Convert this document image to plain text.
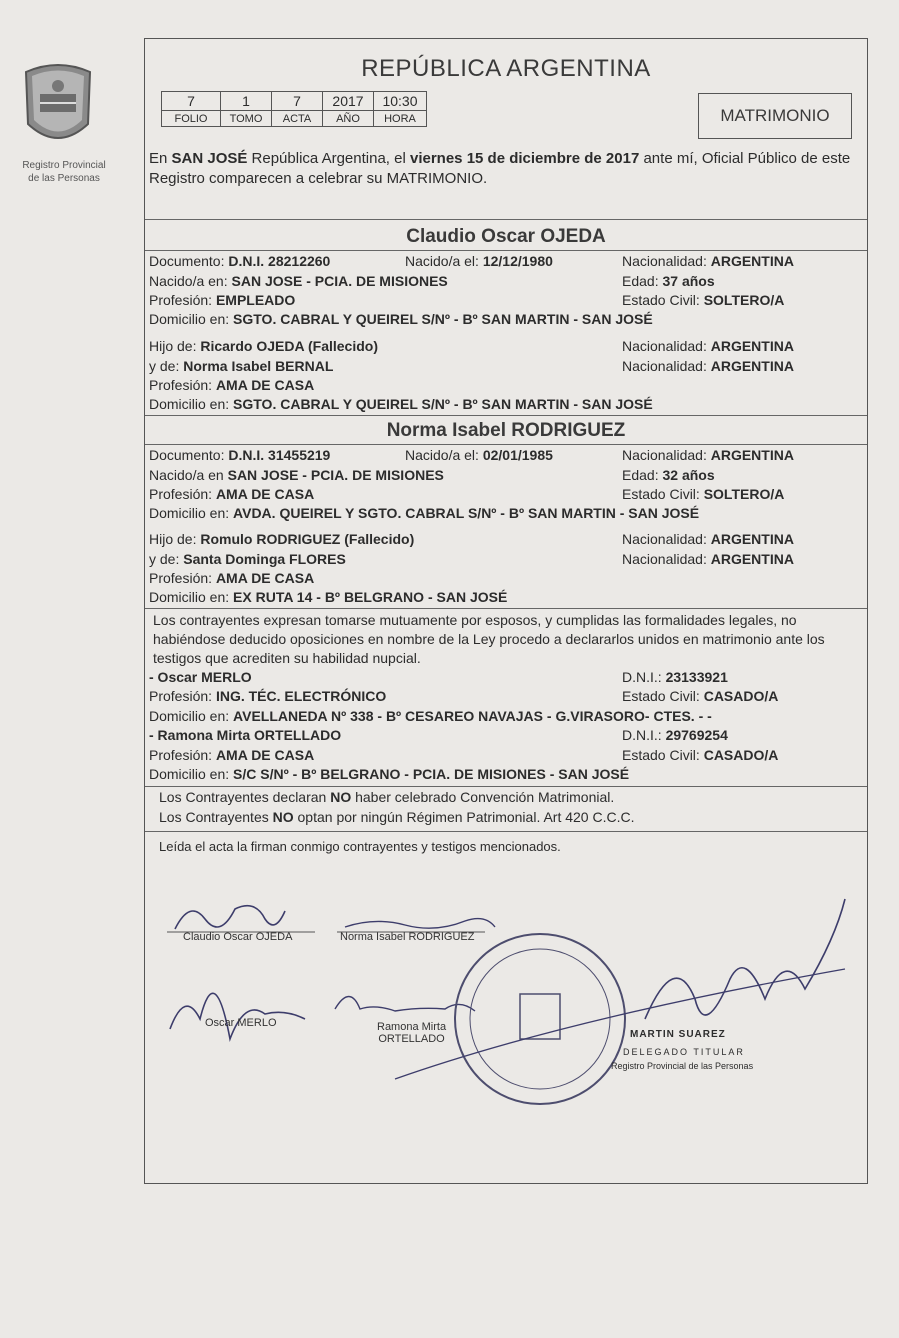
Registro Provincial
de las Personas
REPÚBLICA ARGENTINA
7	1	7	2017	10:30
FOLIO	TOMO	ACTA	AÑO	HORA	MATRIMONIO
En SAN JOSÉ República Argentina, el viernes 15 de diciembre de 2017 ante mí, Oficial Público de este Registro comparecen a celebrar su MATRIMONIO.
Claudio Oscar OJEDA
Documento: D.N.I. 28212260	Nacido/a el: 12/12/1980	Nacionalidad: ARGENTINA
Nacido/a en: SAN JOSE - PCIA. DE MISIONES	Edad: 37 años
Profesión: EMPLEADO	Estado Civil: SOLTERO/A
Domicilio en: SGTO. CABRAL Y QUEIREL S/Nº - Bº SAN MARTIN - SAN JOSÉ
Hijo de: Ricardo OJEDA (Fallecido)	Nacionalidad: ARGENTINA
y de: Norma Isabel BERNAL	Nacionalidad: ARGENTINA
Profesión: AMA DE CASA
Domicilio en: SGTO. CABRAL Y QUEIREL S/Nº - Bº SAN MARTIN - SAN JOSÉ
Norma Isabel RODRIGUEZ
Documento: D.N.I. 31455219	Nacido/a el: 02/01/1985	Nacionalidad: ARGENTINA
Nacido/a en SAN JOSE - PCIA. DE MISIONES	Edad: 32 años
Profesión: AMA DE CASA	Estado Civil: SOLTERO/A
Domicilio en: AVDA. QUEIREL Y SGTO. CABRAL S/Nº - Bº SAN MARTIN - SAN JOSÉ
Hijo de: Romulo RODRIGUEZ (Fallecido)	Nacionalidad: ARGENTINA
y de: Santa Dominga FLORES	Nacionalidad: ARGENTINA
Profesión: AMA DE CASA
Domicilio en: EX RUTA 14 - Bº BELGRANO - SAN JOSÉ
Los contrayentes expresan tomarse mutuamente por esposos, y cumplidas las formalidades legales, no habiéndose deducido oposiciones en nombre de la Ley procedo a declararlos unidos en matrimonio ante los testigos que acrediten su habilidad nupcial.
- Oscar MERLO	D.N.I.: 23133921
Profesión: ING. TÉC. ELECTRÓNICO	Estado Civil: CASADO/A
Domicilio en: AVELLANEDA Nº 338 - Bº CESAREO NAVAJAS - G.VIRASORO- CTES. - -
- Ramona Mirta ORTELLADO	D.N.I.: 29769254
Profesión: AMA DE CASA	Estado Civil: CASADO/A
Domicilio en: S/C S/Nº - Bº BELGRANO - PCIA. DE MISIONES - SAN JOSÉ
Los Contrayentes declaran NO haber celebrado Convención Matrimonial.
Los Contrayentes NO optan por ningún Régimen Patrimonial. Art 420 C.C.C.
Leída el acta la firman conmigo contrayentes y testigos mencionados.
Claudio Oscar OJEDA	Norma Isabel RODRIGUEZ
Oscar MERLO	Ramona Mirta
ORTELLADO	MARTIN SUAREZ
DELEGADO TITULAR
Registro Provincial de las Personas
